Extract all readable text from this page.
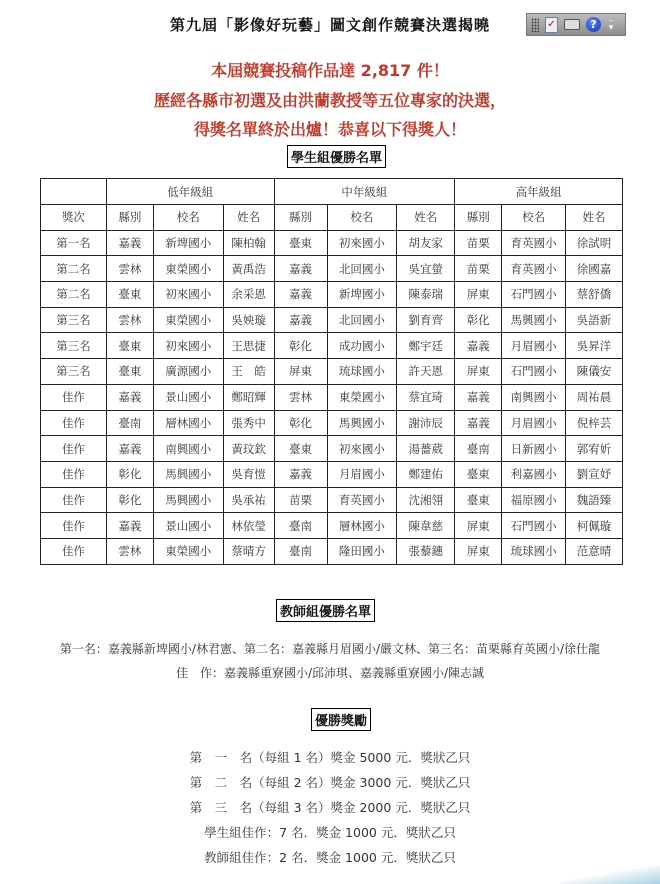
第九屆「影像好玩藝」圖文創作競賽決選揭曉	✓	?	–▾
本屆競賽投稿作品達 2,817 件！
歷經各縣市初選及由洪蘭教授等五位專家的決選，
得獎名單終於出爐！恭喜以下得獎人！
學生組優勝名單
	低年級組			中年級組			高年級組		
獎次	縣別	校名	姓名	縣別	校名	姓名	縣別	校名	姓名
第一名	嘉義	新埤國小	陳柏翰	臺東	初來國小	胡友家	苗栗	育英國小	徐試明
第二名	雲林	東榮國小	黃禹浩	嘉義	北回國小	吳宜螢	苗栗	育英國小	徐國嘉
第二名	臺東	初來國小	余采恩	嘉義	新埤國小	陳泰瑞	屏東	石門國小	蔡舒僑
第三名	雲林	東榮國小	吳姎璇	嘉義	北回國小	劉育齊	彰化	馬興國小	吳語新
第三名	臺東	初來國小	王思捷	彰化	成功國小	鄭宇廷	嘉義	月眉國小	吳昇洋
第三名	臺東	廣源國小	王　皓	屏東	琉球國小	許天恩	屏東	石門國小	陳儀安
佳作	嘉義	景山國小	鄭昭輝	雲林	東榮國小	蔡宜琦	嘉義	南興國小	周祐晨
佳作	臺南	層林國小	張秀中	彰化	馬興國小	謝沛辰	嘉義	月眉國小	倪梓芸
佳作	嘉義	南興國小	黃玟欽	臺東	初來國小	湯薔葳	臺南	日新國小	郭宥妡
佳作	彰化	馬興國小	吳育愷	嘉義	月眉國小	鄭建佑	臺東	利嘉國小	劉宣妤
佳作	彰化	馬興國小	吳承祐	苗栗	育英國小	沈湘翎	臺東	福原國小	魏語臻
佳作	嘉義	景山國小	林依瑩	臺南	層林國小	陳韋慈	屏東	石門國小	柯佩璇
佳作	雲林	東榮國小	蔡晴方	臺南	隆田國小	張藜鏸	屏東	琉球國小	范意晴
教師組優勝名單
第一名：嘉義縣新埤國小/林君憲、第二名：嘉義縣月眉國小/嚴文林、第三名：苗栗縣育英國小/徐仕龍
佳　作：嘉義縣重寮國小/邱沛琪、嘉義縣重寮國小/陳志誠
優勝獎勵
第　一　名（每組 1 名）獎金 5000 元．獎狀乙只
第　二　名（每組 2 名）獎金 3000 元．獎狀乙只
第　三　名（每組 3 名）獎金 2000 元．獎狀乙只
學生組佳作：7 名．獎金 1000 元．獎狀乙只
教師組佳作：2 名．獎金 1000 元．獎狀乙只
